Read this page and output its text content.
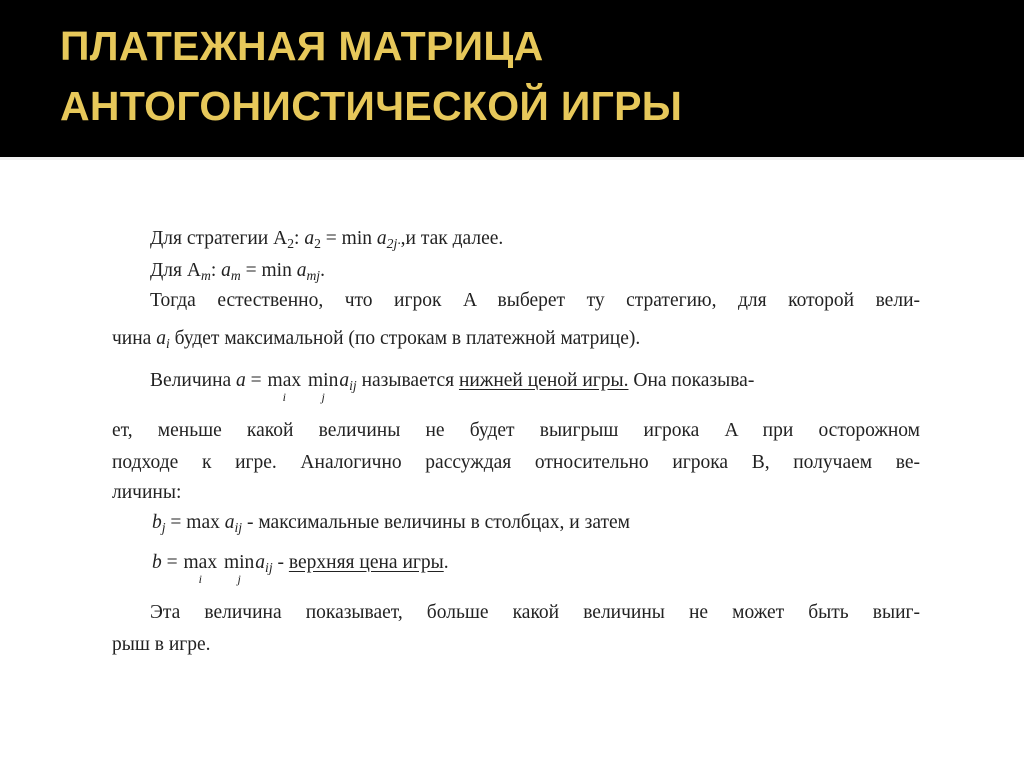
ПЛАТЕЖНАЯ МАТРИЦА
АНТОГОНИСТИЧЕСКОЙ ИГРЫ
Для стратегии $A_2$: $a_2 = \min a_{2j\cdot},и$ так далее.
Для $A_m$: $a_m = \min a_{mj}$.
Тогда естественно, что игрок A выберет ту стратегию, для которой вели-
чина $a_i$ будет максимальной (по строкам в платежной матрице).
Величина a = max
i
min
j
$a_{ij}$ называется нижней ценой игры. Она показыва-
ет, меньше какой величины не будет выигрыш игрока A при осторожном
подходе к игре. Аналогично рассуждая относительно игрока B, получаем ве-
личины:
$b_j = \max a_{ij}$ - максимальные величины в столбцах, и затем
b = max
i
min
j
$a_{ij}$ - верхняя цена игры.
Эта величина показывает, больше какой величины не может быть выиг-
рыш в игре.
